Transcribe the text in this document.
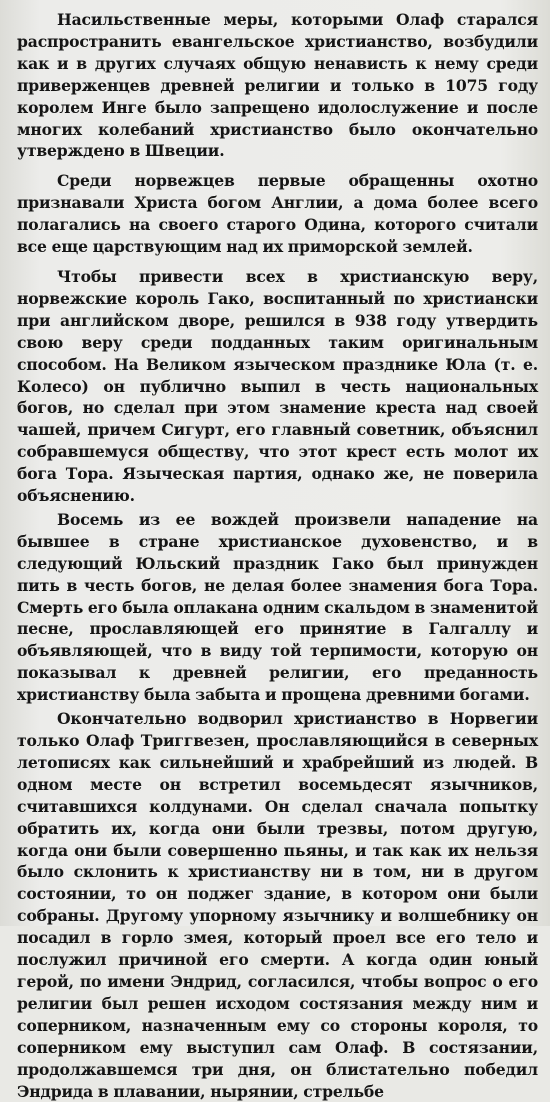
Насильственные меры, которыми Олаф старался распространить евангельское христианство, возбудили как и в других случаях общую ненависть к нему среди приверженцев древней религии и только в 1075 году королем Инге было запрещено идолослужение и после многих колебаний христианство было окончательно утверждено в Швеции.

Среди норвежцев первые обращенны охотно признавали Христа богом Англии, а дома более всего полагались на своего старого Одина, которого считали все еще царствующим над их приморской землей.

Чтобы привести всех в христианскую веру, норвежские король Гако, воспитанный по христиански при английском дворе, решился в 938 году утвердить свою веру среди подданных таким оригинальным способом. На Великом языческом празднике Юла (т. е. Колесо) он публично выпил в честь национальных богов, но сделал при этом знамение креста над своей чашей, причем Сигурт, его главный советник, объяснил собравшемуся обществу, что этот крест есть молот их бога Тора. Языческая партия, однако же, не поверила объяснению.

Восемь из ее вождей произвели нападение на бывшее в стране христианское духовенство, и в следующий Юльский праздник Гако был принужден пить в честь богов, не делая более знамения бога Тора. Смерть его была оплакана одним скальдом в знаменитой песне, прославляющей его принятие в Галгаллу и объявляющей, что в виду той терпимости, которую он показывал к древней религии, его преданность христианству была забыта и прощена древними богами.

Окончательно водворил христианство в Норвегии только Олаф Триггвезен, прославляющийся в северных летописях как сильнейший и храбрейший из людей. В одном месте он встретил восемьдесят язычников, считавшихся колдунами. Он сделал сначала попытку обратить их, когда они были трезвы, потом другую, когда они были совершенно пьяны, и так как их нельзя было склонить к христианству ни в том, ни в другом состоянии, то он поджег здание, в котором они были собраны. Другому упорному язычнику и волшебнику он посадил в горло змея, который проел все его тело и послужил причиной его смерти. А когда один юный герой, по имени Эндрид, согласился, чтобы вопрос о его религии был решен исходом состязания между ним и соперником, назначенным ему со стороны короля, то соперником ему выступил сам Олаф. В состязании, продолжавшемся три дня, он блистательно победил Эндрида в плавании, нырянии, стрельбе
